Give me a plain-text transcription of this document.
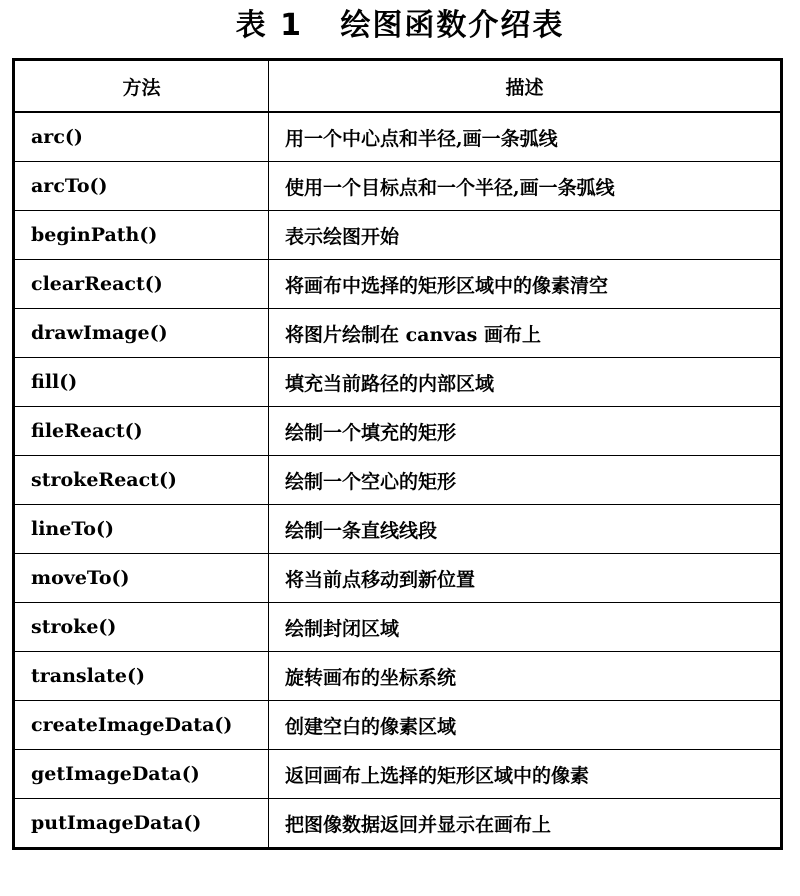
表 1   绘图函数介绍表
方法	描述
arc()	用一个中心点和半径,画一条弧线
arcTo()	使用一个目标点和一个半径,画一条弧线
beginPath()	表示绘图开始
clearReact()	将画布中选择的矩形区域中的像素清空
drawImage()	将图片绘制在 canvas 画布上
fill()	填充当前路径的内部区域
fileReact()	绘制一个填充的矩形
strokeReact()	绘制一个空心的矩形
lineTo()	绘制一条直线线段
moveTo()	将当前点移动到新位置
stroke()	绘制封闭区域
translate()	旋转画布的坐标系统
createImageData()	创建空白的像素区域
getImageData()	返回画布上选择的矩形区域中的像素
putImageData()	把图像数据返回并显示在画布上
